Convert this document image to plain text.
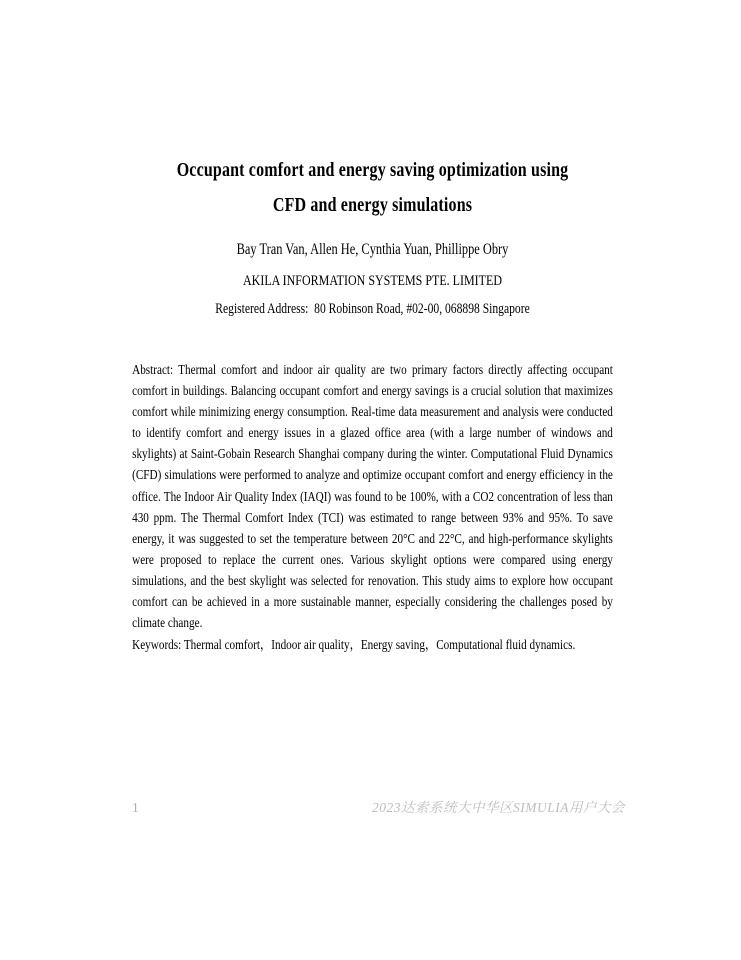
Occupant comfort and energy saving optimization using
CFD and energy simulations
Bay Tran Van, Allen He, Cynthia Yuan, Phillippe Obry
AKILA INFORMATION SYSTEMS PTE. LIMITED
Registered Address:  80 Robinson Road, #02-00, 068898 Singapore
Abstract: Thermal comfort and indoor air quality are two primary factors directly affecting occupant comfort in buildings. Balancing occupant comfort and energy savings is a crucial solution that maximizes comfort while minimizing energy consumption. Real-time data measurement and analysis were conducted to identify comfort and energy issues in a glazed office area (with a large number of windows and skylights) at Saint-Gobain Research Shanghai company during the winter. Computational Fluid Dynamics (CFD) simulations were performed to analyze and optimize occupant comfort and energy efficiency in the office. The Indoor Air Quality Index (IAQI) was found to be 100%, with a CO2 concentration of less than 430 ppm. The Thermal Comfort Index (TCI) was estimated to range between 93% and 95%. To save energy, it was suggested to set the temperature between 20°C and 22°C, and high-performance skylights were proposed to replace the current ones. Various skylight options were compared using energy simulations, and the best skylight was selected for renovation. This study aims to explore how occupant comfort can be achieved in a more sustainable manner, especially considering the challenges posed by climate change.
Keywords: Thermal comfort，Indoor air quality，Energy saving，Computational fluid dynamics.
1	2023达索系统大中华区SIMULIA用户大会
